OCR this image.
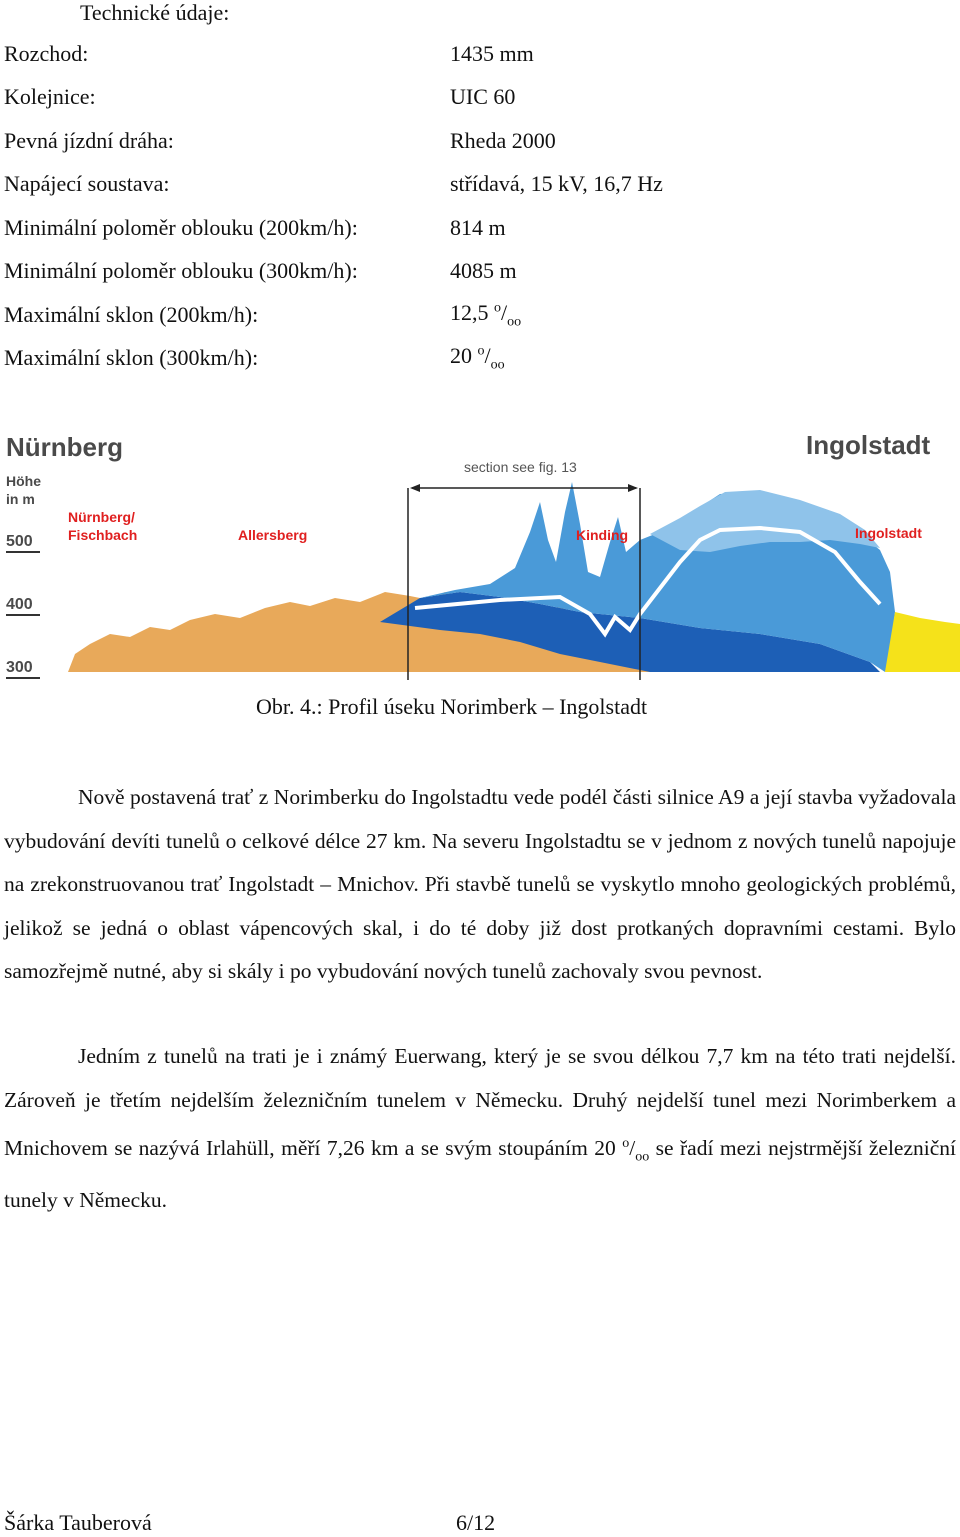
Technické údaje:
Rozchod:	1435 mm
Kolejnice:	UIC 60
Pevná jízdní dráha:	Rheda 2000
Napájecí soustava:	střídavá, 15 kV, 16,7 Hz
Minimální poloměr oblouku (200km/h):	814 m
Minimální poloměr oblouku (300km/h):	4085 m
Maximální sklon (200km/h):	12,5 $^o/_{oo}$
Maximální sklon (300km/h):	20 $^o/_{oo}$
Nürnberg	Ingolstadt
Höhe
in m
500
400
300
section see fig. 13
Nürnberg/
Fischbach	Allersberg	Kinding	Ingolstadt
Obr. 4.: Profil úseku Norimberk – Ingolstadt

Nově postavená trať z Norimberku do Ingolstadtu vede podél části silnice A9 a její stavba vyžadovala vybudování devíti tunelů o celkové délce 27 km. Na severu Ingolstadtu se v jednom z nových tunelů napojuje na zrekonstruovanou trať Ingolstadt – Mnichov. Při stavbě tunelů se vyskytlo mnoho geologických problémů, jelikož se jedná o oblast vápencových skal, i do té doby již dost protkaných dopravními cestami. Bylo samozřejmě nutné, aby si skály i po vybudování nových tunelů zachovaly svou pevnost.

Jedním z tunelů na trati je i známý Euerwang, který je se svou délkou 7,7 km na této trati nejdelší. Zároveň je třetím nejdelším železničním tunelem v Německu. Druhý nejdelší tunel mezi Norimberkem a Mnichovem se nazývá Irlahüll, měří 7,26 km a se svým stoupáním 20 $^o/_{oo}$ se řadí mezi nejstrmější železniční tunely v Německu.

Šárka Tauberová	6/12
